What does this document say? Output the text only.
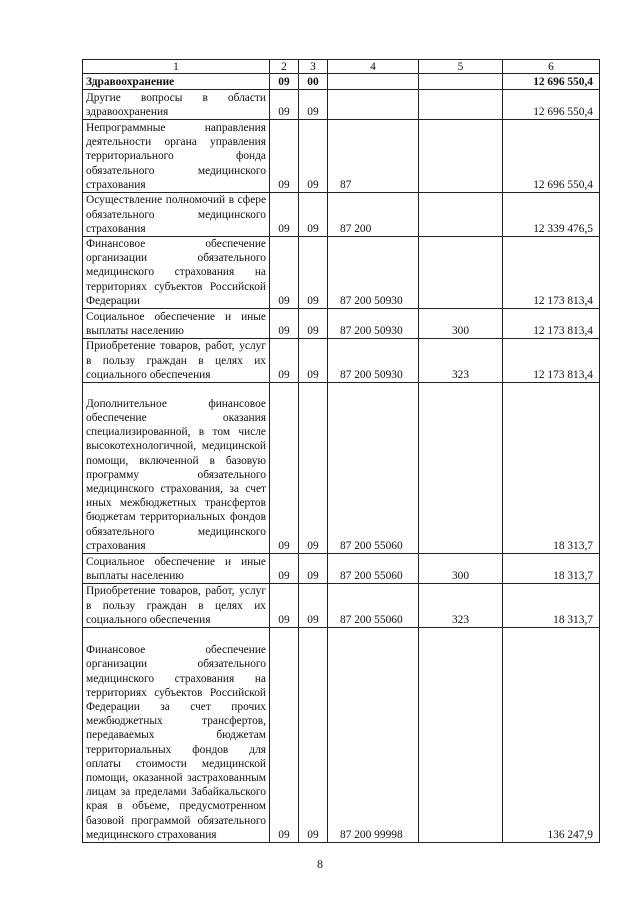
1	2	3	4	5	6
Здравоохранение	09	00			12 696 550,4
Другие вопросы в области здравоохранения	09	09			12 696 550,4
Непрограммные направления деятельности органа управления территориального фонда обязательного медицинского страхования	09	09	87		12 696 550,4
Осуществление полномочий в сфере обязательного медицинского страхования	09	09	87 200		12 339 476,5
Финансовое обеспечение организации обязательного медицинского страхования на территориях субъектов Российской Федерации	09	09	87 200 50930		12 173 813,4
Социальное обеспечение и иные выплаты населению	09	09	87 200 50930	300	12 173 813,4
Приобретение товаров, работ, услуг в пользу граждан в целях их социального обеспечения	09	09	87 200 50930	323	12 173 813,4
Дополнительное финансовое обеспечение оказания специализированной, в том числе высокотехнологичной, медицинской помощи, включенной в базовую программу обязательного медицинского страхования, за счет иных межбюджетных трансфертов бюджетам территориальных фондов обязательного медицинского страхования	09	09	87 200 55060		18 313,7
Социальное обеспечение и иные выплаты населению	09	09	87 200 55060	300	18 313,7
Приобретение товаров, работ, услуг в пользу граждан в целях их социального обеспечения	09	09	87 200 55060	323	18 313,7
Финансовое обеспечение организации обязательного медицинского страхования на территориях субъектов Российской Федерации за счет прочих межбюджетных трансфертов, передаваемых бюджетам территориальных фондов для оплаты стоимости медицинской помощи, оказанной застрахованным лицам за пределами Забайкальского края в объеме, предусмотренном базовой программой обязательного медицинского страхования	09	09	87 200 99998		136 247,9
8
